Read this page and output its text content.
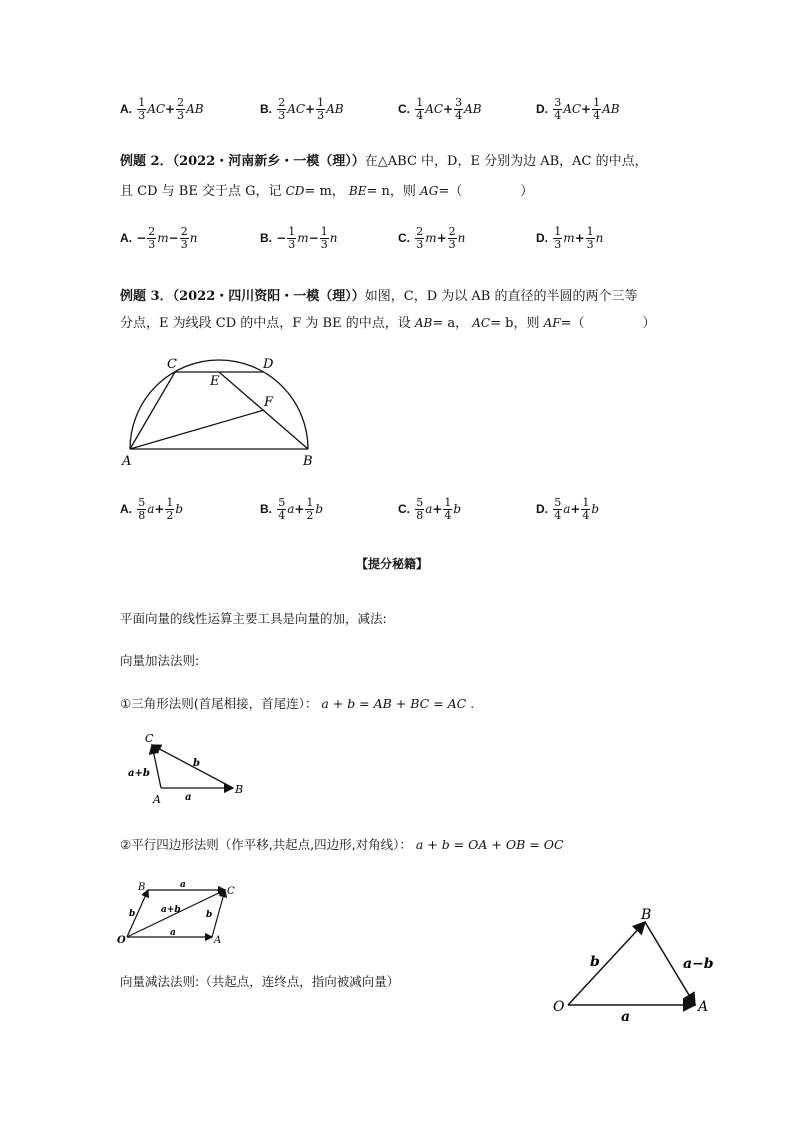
A. $\frac{1}{3} AC+ \frac{2}{3}$ AB	B. $\frac{2}{3} AC+ \frac{1}{3}$ AB	C. $\frac{1}{4} AC+ \frac{3}{4}$ AB	D. $\frac{3}{4} AC+ \frac{1}{4}$ AB
例题 2．（2022・河南新乡・一模（理））在△ABC 中，D，E 分别为边 AB，AC 的中点，
且 CD 与 BE 交于点 G，记 CD= m， BE= n，则 AG=（	）
A. − $\frac{2}{3} m- \frac{2}{3}$ n	B. − $\frac{1}{3} m- \frac{1}{3}$ n	C. $\frac{2}{3} m+ \frac{2}{3}$ n	D. $\frac{1}{3} m+ \frac{1}{3}$ n
例题 3．（2022・四川资阳・一模（理））如图，C，D 为以 AB 的直径的半圆的两个三等
分点，E 为线段 CD 的中点，F 为 BE 的中点，设 AB= a， AC= b，则 AF=（	）
C	D
E
F
A	B
A. $\frac{5}{8} a+ \frac{1}{2}$ b	B. $\frac{5}{4} a+ \frac{1}{2}$ b	C. $\frac{5}{8} a+ \frac{1}{4}$ b	D. $\frac{5}{4} a+ \frac{1}{4}$ b
【提分秘籍】
平面向量的线性运算主要工具是向量的加，减法:
向量加法法则:
①三角形法则(首尾相接，首尾连）： a + b = AB + BC = AC .
C
A
B
a+b
b
a
②平行四边形法则（作平移,共起点,四边形,对角线）： a + b = OA + OB = OC
O	A
B	C
a
a
b	b
a+b
向量减法法则:（共起点，连终点，指向被减向量）
O	A
B
b
a
a−b
